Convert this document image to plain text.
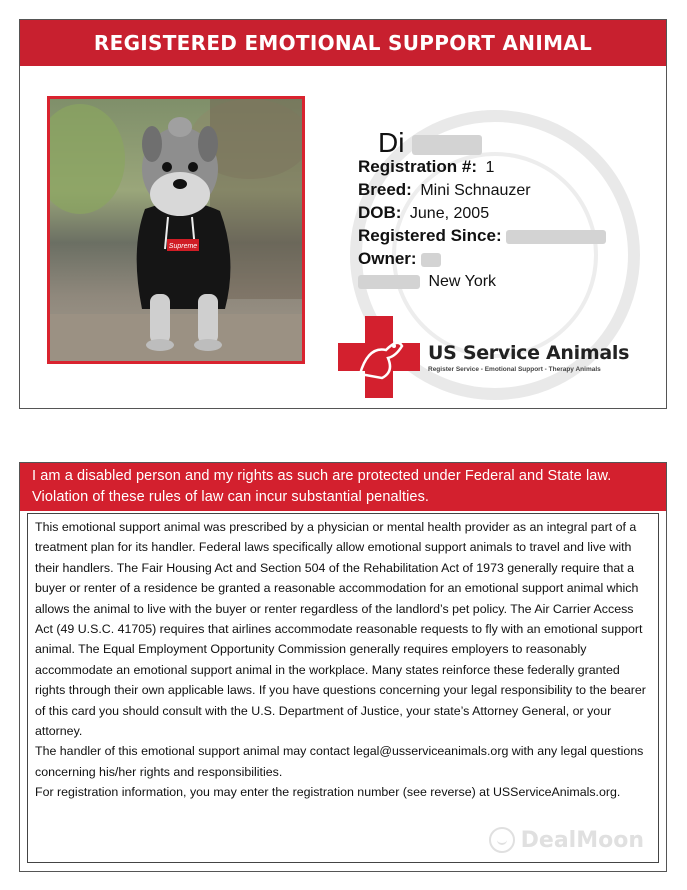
REGISTERED EMOTIONAL SUPPORT ANIMAL
Supreme
Di
Registration #: 1
Breed: Mini Schnauzer
DOB: June, 2005
Registered Since:
Owner:
New York
US Service Animals
Register Service - Emotional Support - Therapy Animals
I am a disabled person and my rights as such are protected under Federal and State law. Violation of these rules of law can incur substantial penalties.

This emotional support animal was prescribed by a physician or mental health provider as an integral part of a treatment plan for its handler. Federal laws specifically allow emotional support animals to travel and live with their handlers. The Fair Housing Act and Section 504 of the Rehabilitation Act of 1973 generally require that a buyer or renter of a residence be granted a reasonable accommodation for an emotional support animal which allows the animal to live with the buyer or renter regardless of the landlord’s pet policy. The Air Carrier Access Act (49 U.S.C. 41705) requires that airlines accommodate reasonable requests to fly with an emotional support animal. The Equal Employment Opportunity Commission generally requires employers to reasonably accommodate an emotional support animal in the workplace. Many states reinforce these federally granted rights through their own applicable laws. If you have questions concerning your legal responsibility to the bearer of this card you should consult with the U.S. Department of Justice, your state’s Attorney General, or your attorney.

The handler of this emotional support animal may contact legal@usserviceanimals.org with any legal questions concerning his/her rights and responsibilities.

For registration information, you may enter the registration number (see reverse) at USServiceAnimals.org.

DealMoon
